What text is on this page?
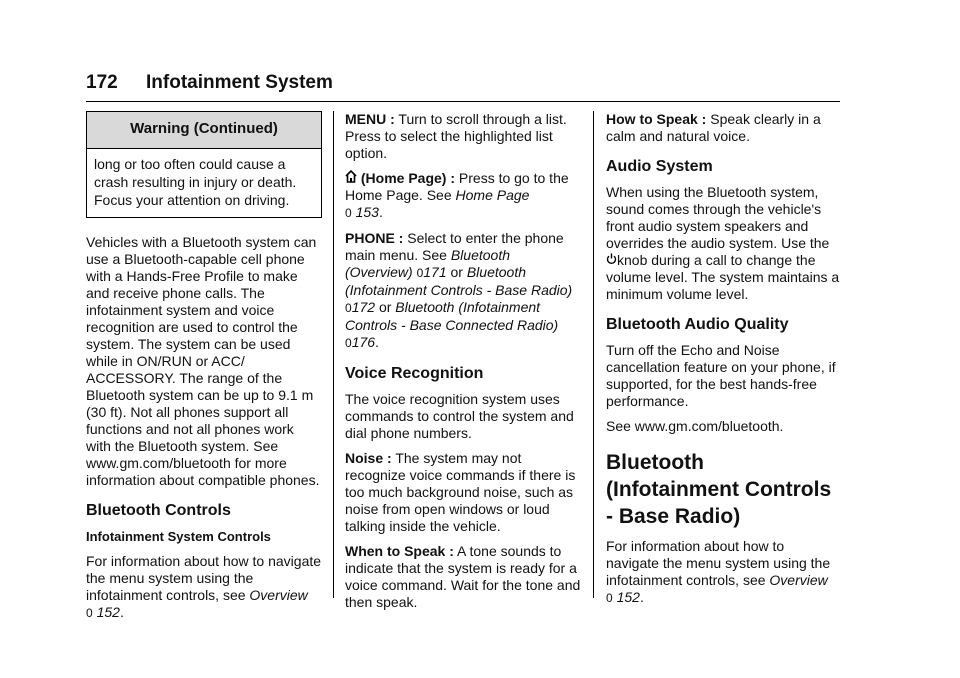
172 Infotainment System
Warning (Continued)
long or too often could cause a crash resulting in injury or death. Focus your attention on driving.

Vehicles with a Bluetooth system can use a Bluetooth-capable cell phone with a Hands-Free Profile to make and receive phone calls. The infotainment system and voice recognition are used to control the system. The system can be used while in ON/RUN or ACC/ ACCESSORY. The range of the Bluetooth system can be up to 9.1 m (30 ft). Not all phones support all functions and not all phones work with the Bluetooth system. See www.gm.com/bluetooth for more information about compatible phones.

Bluetooth Controls
Infotainment System Controls

For information about how to navigate the menu system using the infotainment controls, see Overview
0 152.

MENU : Turn to scroll through a list. Press to select the highlighted list option.

(Home Page) : Press to go to the Home Page. See Home Page
0 153.

PHONE : Select to enter the phone main menu. See Bluetooth (Overview) 0171 or Bluetooth (Infotainment Controls - Base Radio) 0172 or Bluetooth (Infotainment Controls - Base Connected Radio) 0176.

Voice Recognition

The voice recognition system uses commands to control the system and dial phone numbers.

Noise : The system may not recognize voice commands if there is too much background noise, such as noise from open windows or loud talking inside the vehicle.

When to Speak : A tone sounds to indicate that the system is ready for a voice command. Wait for the tone and then speak.

How to Speak : Speak clearly in a calm and natural voice.

Audio System

When using the Bluetooth system, sound comes through the vehicle's front audio system speakers and overrides the audio system. Use the knob during a call to change the volume level. The system maintains a minimum volume level.

Bluetooth Audio Quality

Turn off the Echo and Noise cancellation feature on your phone, if supported, for the best hands-free performance.

See www.gm.com/bluetooth.

Bluetooth (Infotainment Controls - Base Radio)

For information about how to navigate the menu system using the infotainment controls, see Overview
0 152.
